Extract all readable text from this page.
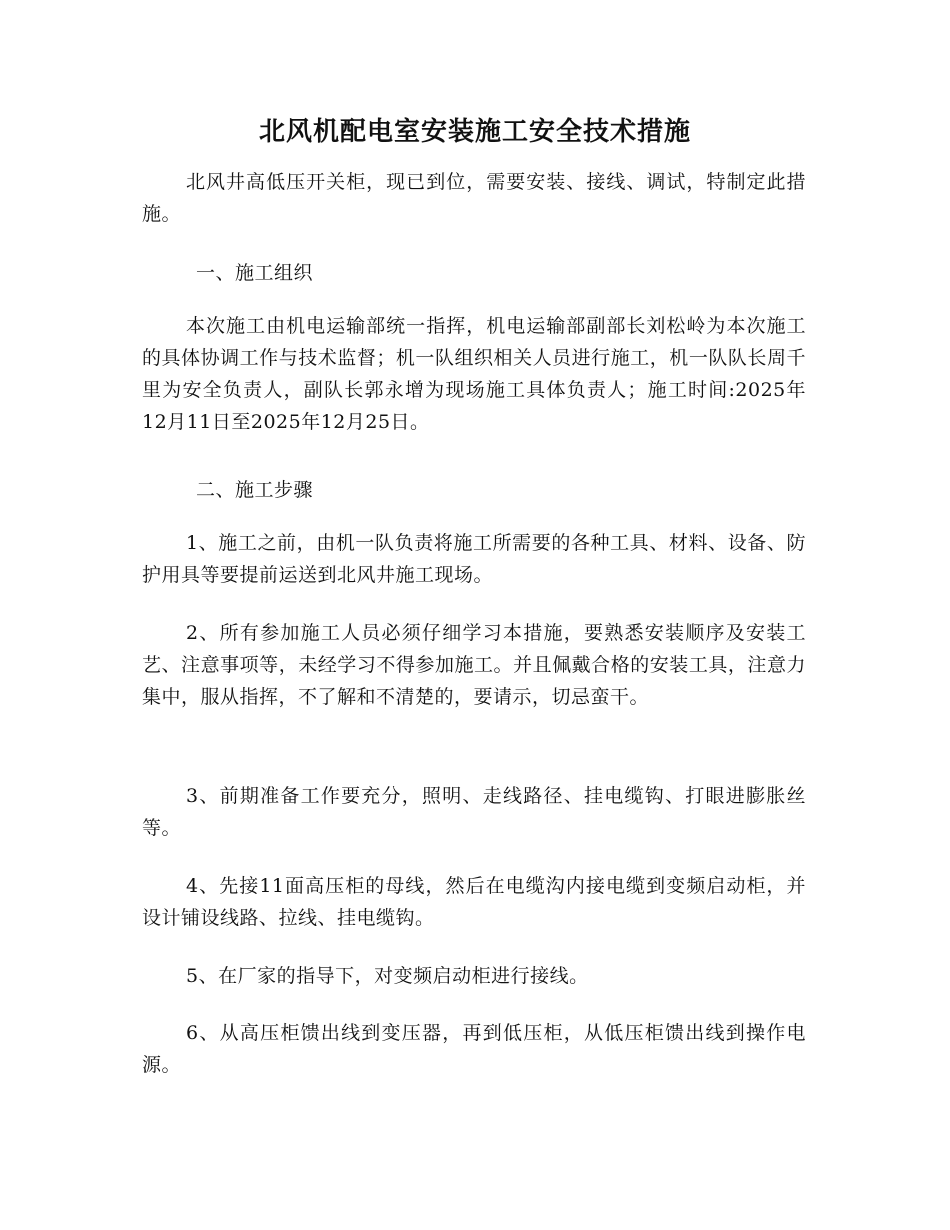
北风机配电室安装施工安全技术措施

北风井高低压开关柜，现已到位，需要安装、接线、调试，特制定此措施。

一、施工组织

本次施工由机电运输部统一指挥，机电运输部副部长刘松岭为本次施工的具体协调工作与技术监督；机一队组织相关人员进行施工，机一队队长周千里为安全负责人，副队长郭永增为现场施工具体负责人；施工时间:2025年12月11日至2025年12月25日。

二、施工步骤

1、施工之前，由机一队负责将施工所需要的各种工具、材料、设备、防护用具等要提前运送到北风井施工现场。

2、所有参加施工人员必须仔细学习本措施，要熟悉安装顺序及安装工艺、注意事项等，未经学习不得参加施工。并且佩戴合格的安装工具，注意力集中，服从指挥，不了解和不清楚的，要请示，切忌蛮干。

3、前期准备工作要充分，照明、走线路径、挂电缆钩、打眼进膨胀丝等。

4、先接11面高压柜的母线，然后在电缆沟内接电缆到变频启动柜，并设计铺设线路、拉线、挂电缆钩。

5、在厂家的指导下，对变频启动柜进行接线。

6、从高压柜馈出线到变压器，再到低压柜，从低压柜馈出线到操作电源。
